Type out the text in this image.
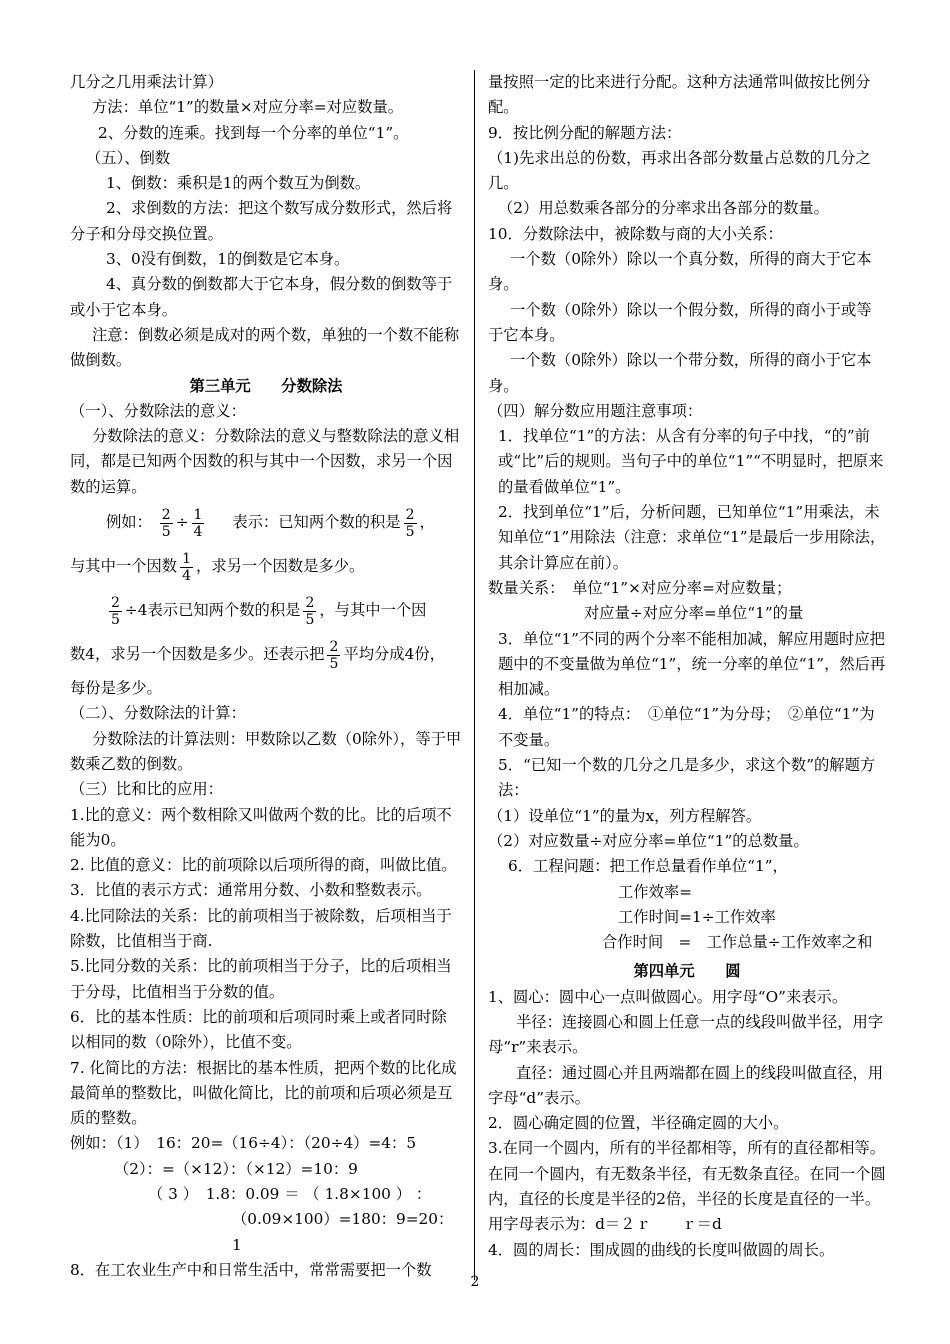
几分之几用乘法计算）

方法：单位“1”的数量×对应分率=对应数量。

2、分数的连乘。找到每一个分率的单位“1”。

（五）、倒数

1、倒数：乘积是1的两个数互为倒数。

2、求倒数的方法：把这个数写成分数形式，然后将分子和分母交换位置。

3、0没有倒数，1的倒数是它本身。

4、真分数的倒数都大于它本身，假分数的倒数等于或小于它本身。

注意：倒数必须是成对的两个数，单独的一个数不能称做倒数。

第三单元　　分数除法

（一）、分数除法的意义：

分数除法的意义：分数除法的意义与整数除法的意义相同，都是已知两个因数的积与其中一个因数，求另一个因数的运算。

例如： $\frac{2}{5} \div \frac{1}{4}$ 表示：已知两个数的积是 $\frac{2}{5}$ ，

与其中一个因数 $\frac{1}{4}$ ，求另一个因数是多少。

$\frac{2}{5} \div 4$表示已知两个数的积是 $\frac{2}{5}$ ，与其中一个因

数4，求另一个因数是多少。还表示把 $\frac{2}{5}$ 平均分成4份，

每份是多少。

（二）、分数除法的计算：

分数除法的计算法则：甲数除以乙数（0除外），等于甲数乘乙数的倒数。

（三）比和比的应用：

1.比的意义：两个数相除又叫做两个数的比。比的后项不能为0。

2. 比值的意义：比的前项除以后项所得的商，叫做比值。

3．比值的表示方式：通常用分数、小数和整数表示。

4.比同除法的关系：比的前项相当于被除数，后项相当于除数，比值相当于商.

5.比同分数的关系：比的前项相当于分子，比的后项相当于分母，比值相当于分数的值。

6．比的基本性质：比的前项和后项同时乘上或者同时除以相同的数（0除外），比值不变。

7. 化简比的方法：根据比的基本性质，把两个数的比化成最简单的整数比，叫做化简比，比的前项和后项必须是互质的整数。

例如：（1）　16：20=（16÷4）：（20÷4）=4：5

（2）：=（×12）：（×12）=10：9

（ 3 ）　1.8：0.09 ＝ （ 1.8×100 ） ：

（0.09×100）=180：9=20：1

8．在工农业生产中和日常生活中，常常需要把一个数

量按照一定的比来进行分配。这种方法通常叫做按比例分配。

9．按比例分配的解题方法：

（1)先求出总的份数，再求出各部分数量占总数的几分之几。

（2）用总数乘各部分的分率求出各部分的数量。

10．分数除法中，被除数与商的大小关系：

一个数（0除外）除以一个真分数，所得的商大于它本身。

一个数（0除外）除以一个假分数，所得的商小于或等于它本身。

一个数（0除外）除以一个带分数，所得的商小于它本身。

（四）解分数应用题注意事项：

1．找单位“1”的方法：从含有分率的句子中找，“的”前或“比”后的规则。当句子中的单位“1”“不明显时，把原来的量看做单位“1”。

2．找到单位“1”后，分析问题，已知单位“1”用乘法，未知单位“1”用除法（注意：求单位“1”是最后一步用除法，其余计算应在前）。

数量关系：　单位“1”×对应分率=对应数量；

对应量÷对应分率=单位“1”的量

3．单位“1”不同的两个分率不能相加减，解应用题时应把题中的不变量做为单位“1”，统一分率的单位“1”，然后再相加减。

4．单位“1”的特点：　①单位“1”为分母；　②单位“1”为不变量。

5．“已知一个数的几分之几是多少，求这个数”的解题方法：

（1）设单位“1”的量为x，列方程解答。

（2）对应数量÷对应分率=单位“1”的总数量。

6．工程问题：把工作总量看作单位“1”，

工作效率=

工作时间=1÷工作效率

合作时间　=　工作总量÷工作效率之和

第四单元　　圆

1、圆心：圆中心一点叫做圆心。用字母“O”来表示。

半径：连接圆心和圆上任意一点的线段叫做半径，用字母“r”来表示。

直径：通过圆心并且两端都在圆上的线段叫做直径，用字母“d”表示。

2．圆心确定圆的位置，半径确定圆的大小。

3.在同一个圆内，所有的半径都相等，所有的直径都相等。在同一个圆内，有无数条半径，有无数条直径。在同一个圆内，直径的长度是半径的2倍，半径的长度是直径的一半。用字母表示为：d＝２ｒ　　ｒ＝d

4．圆的周长：围成圆的曲线的长度叫做圆的周长。

2
